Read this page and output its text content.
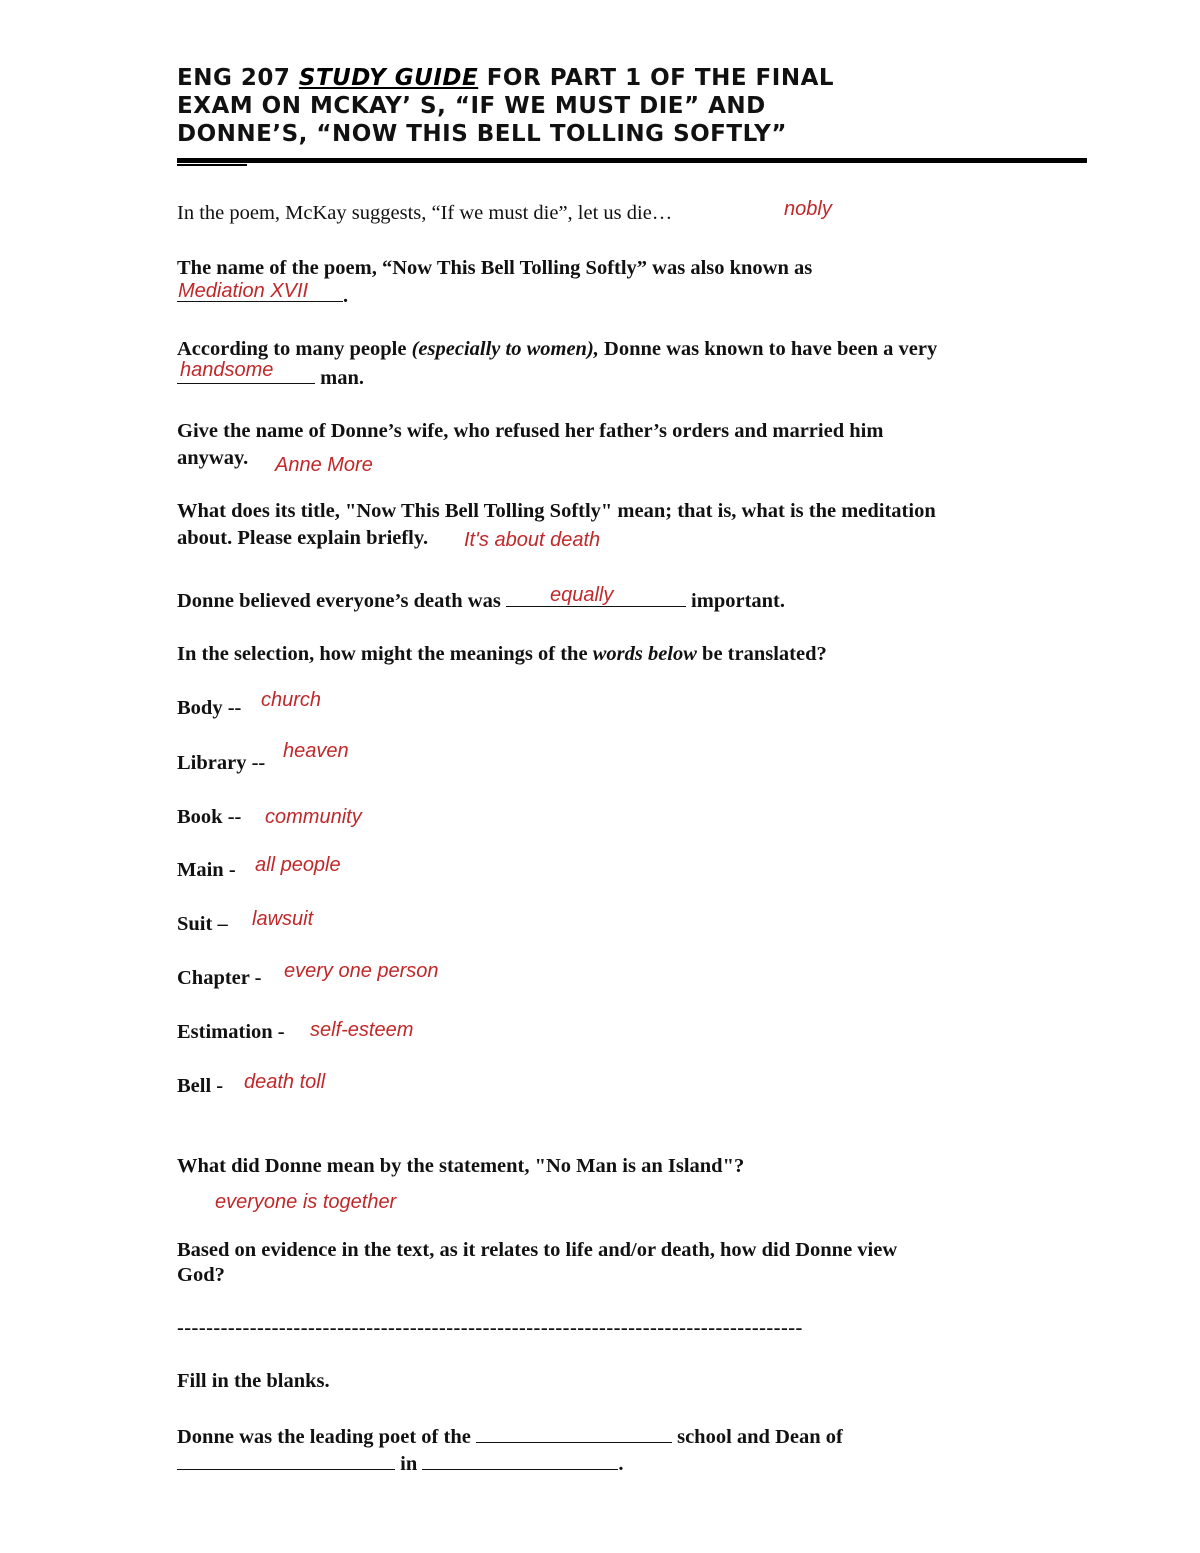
ENG 207 STUDY GUIDE FOR PART 1 OF THE FINAL
EXAM ON MCKAY’ S, “IF WE MUST DIE” AND
DONNE’S, “NOW THIS BELL TOLLING SOFTLY”
In the poem, McKay suggests, “If we must die”, let us die…	nobly
The name of the poem, “Now This Bell Tolling Softly” was also known as
.
Mediation XVII
According to many people (especially to women), Donne was known to have been a very
man.
handsome
Give the name of Donne’s wife, who refused her father’s orders and married him
anyway. Anne More
What does its title, "Now This Bell Tolling Softly" mean; that is, what is the meditation
about. Please explain briefly. It's about death
Donne believed everyone’s death was	important.
equally
In the selection, how might the meanings of the words below be translated?
Body -- church
Library --
heaven
Book -- community
Main - all people
Suit – lawsuit
Chapter - every one person
Estimation - self-esteem
Bell - death toll
What did Donne mean by the statement, "No Man is an Island"?
everyone is together
Based on evidence in the text, as it relates to life and/or death, how did Donne view
God?
--------------------------------------------------------------------------------------
Fill in the blanks.
Donne was the leading poet of the	school and Dean of
in	.
